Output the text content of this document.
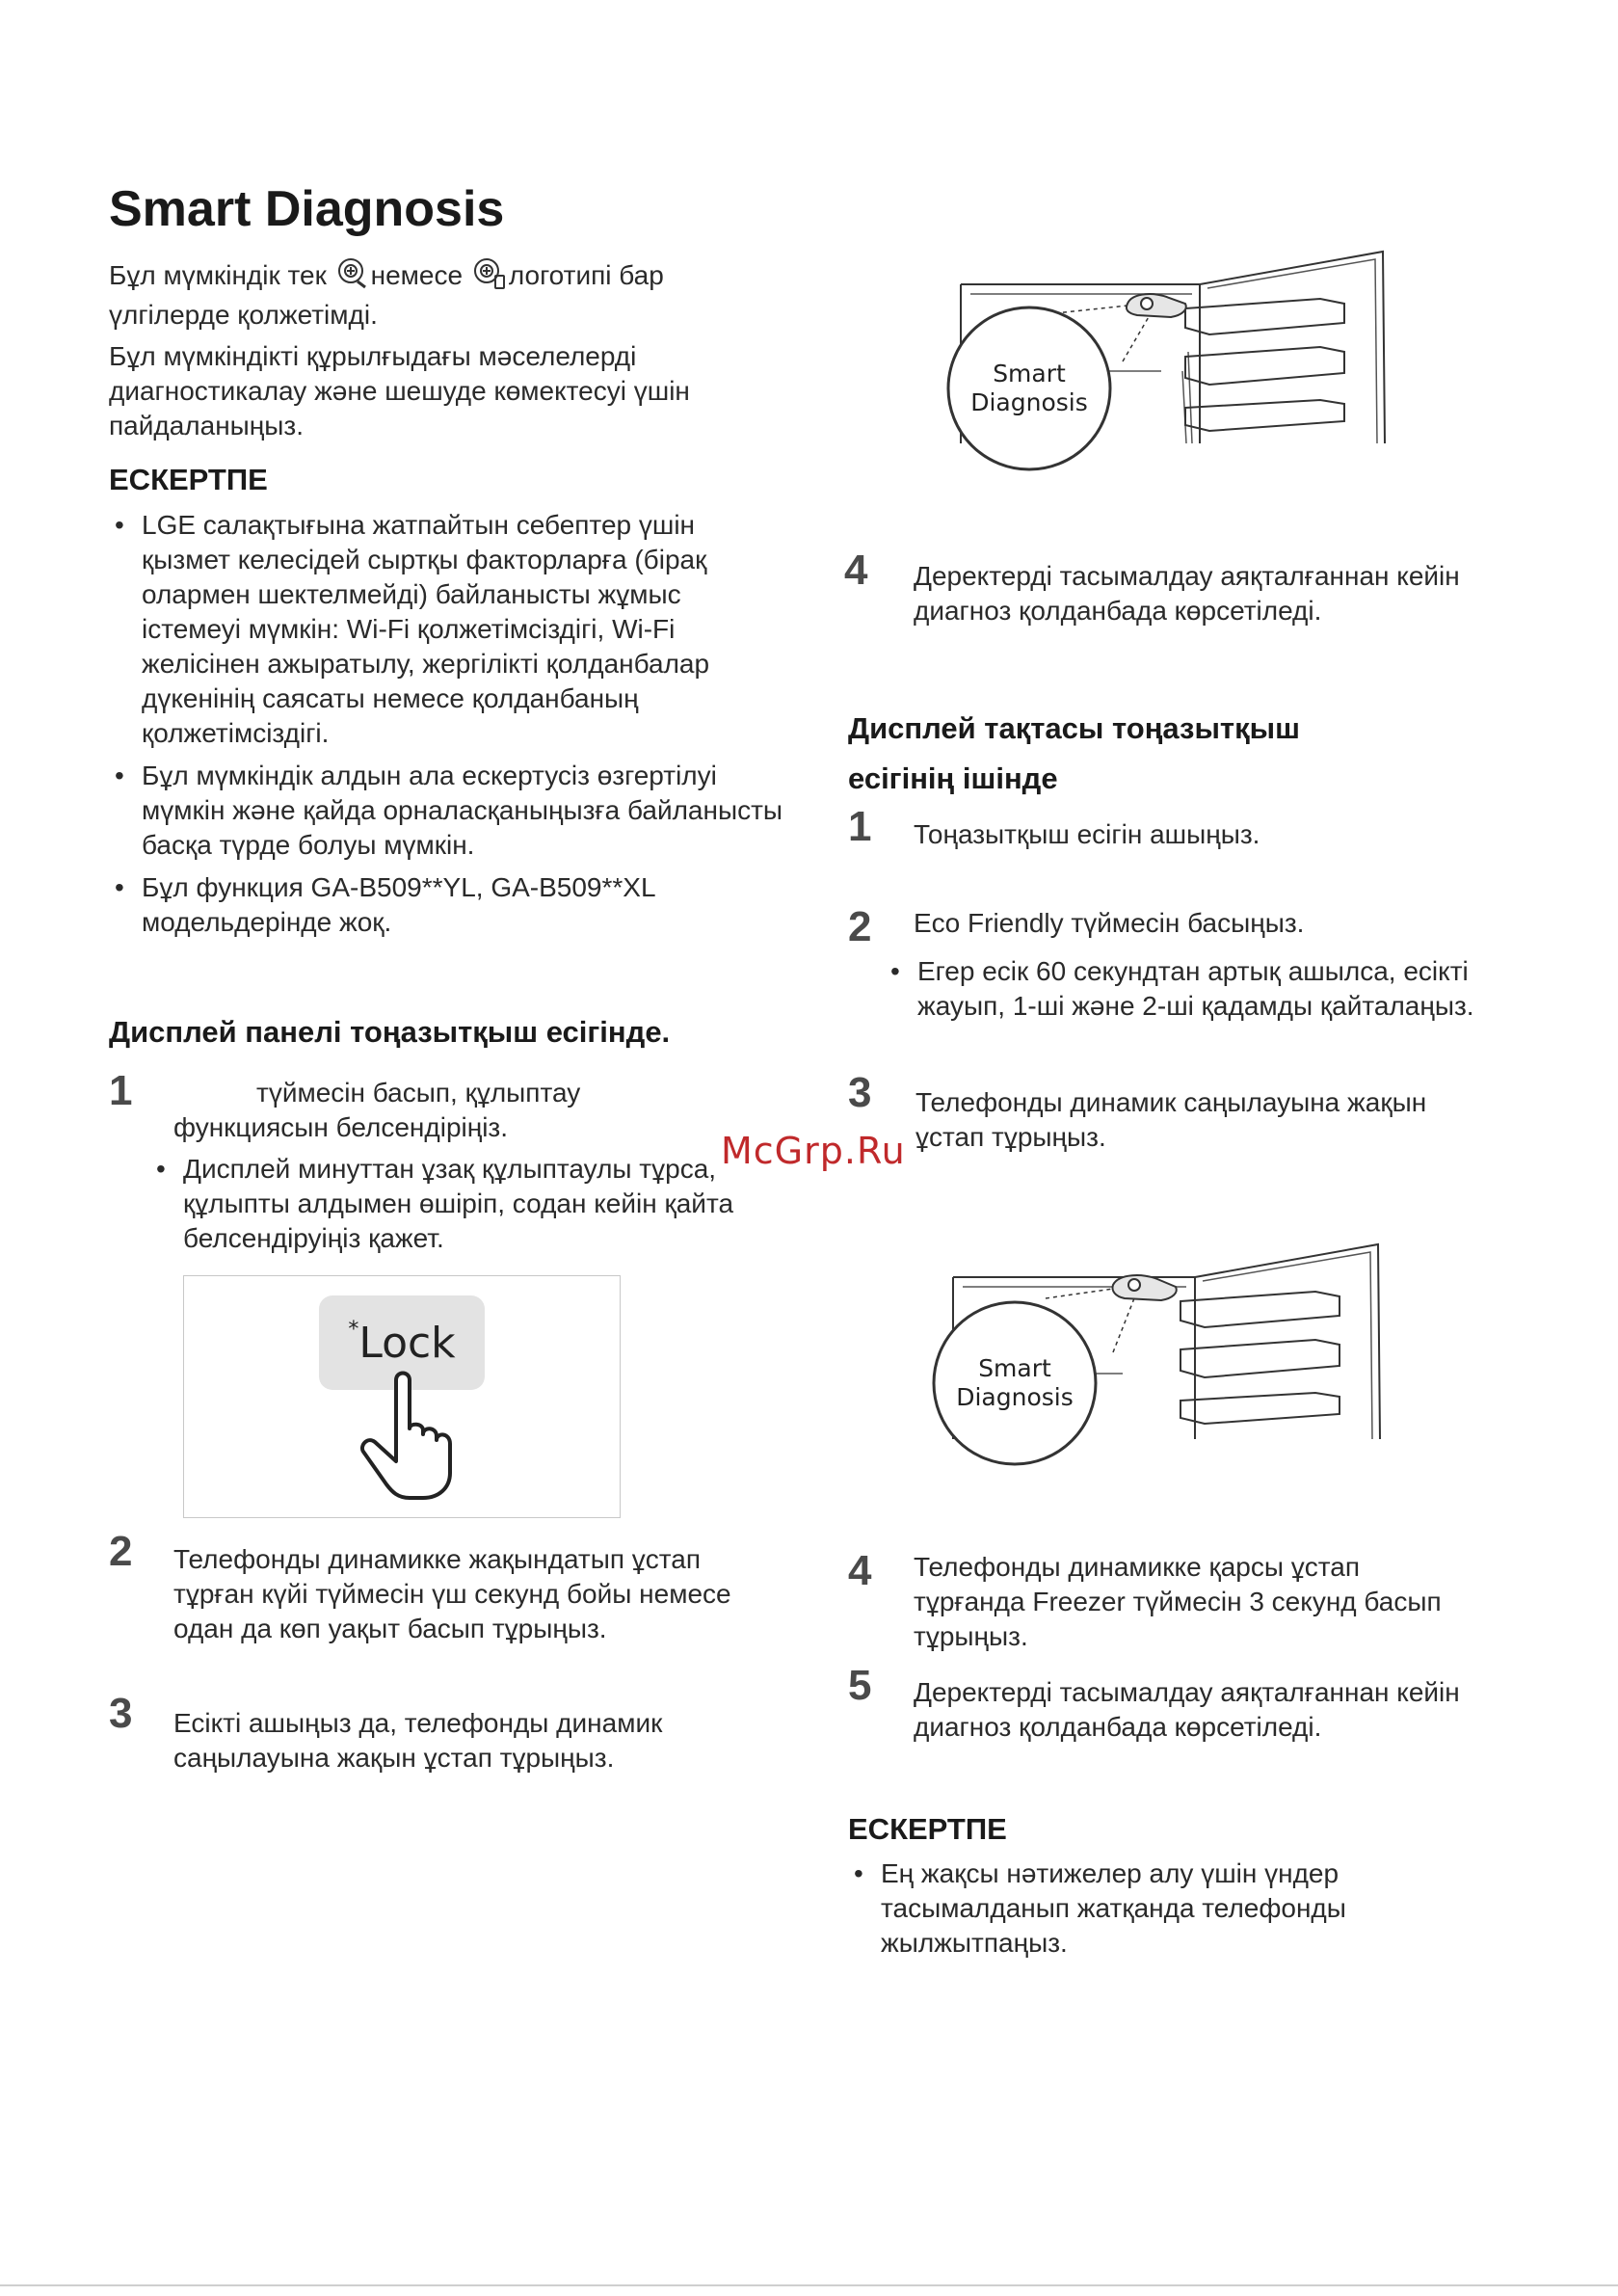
Smart Diagnosis
Бұл мүмкіндік тек немесе логотипі бар үлгілерде қолжетімді.
Бұл мүмкіндікті құрылғыдағы мәселелерді диагностикалау және шешуде көмектесуі үшін пайдаланыңыз.
ЕСКЕРТПЕ
• LGE салақтығына жатпайтын себептер үшін қызмет келесідей сыртқы факторларға (бірақ олармен шектелмейді) байланысты жұмыс істемеуі мүмкін: Wi-Fi қолжетімсіздігі, Wi-Fi желісінен ажыратылу, жергілікті қолданбалар дүкенінің саясаты немесе қолданбаның қолжетімсіздігі.
• Бұл мүмкіндік алдын ала ескертусіз өзгертілуі мүмкін және қайда орналасқаныңызға байланысты басқа түрде болуы мүмкін.
• Бұл функция GA-B509**YL, GA-B509**XL модельдерінде жоқ.
Дисплей панелі тоңазытқыш есігінде.
1	түймесін басып, құлыптау функциясын белсендіріңіз.
• Дисплей минуттан ұзақ құлыптаулы тұрса, құлыпты алдымен өшіріп, содан кейін қайта белсендіруіңіз қажет.
* Lock
2 Телефонды динамикке жақындатып ұстап тұрған күйі түймесін үш секунд бойы немесе одан да көп уақыт басып тұрыңыз.
3 Есікті ашыңыз да, телефонды динамик саңылауына жақын ұстап тұрыңыз.
Smart
Diagnosis
4 Деректерді тасымалдау аяқталғаннан кейін диагноз қолданбада көрсетіледі.
Дисплей тақтасы тоңазытқыш есігінің ішінде
1 Тоңазытқыш есігін ашыңыз.
2 Eco Friendly түймесін басыңыз.
• Егер есік 60 секундтан артық ашылса, есікті жауып, 1-ші және 2-ші қадамды қайталаңыз.
3 Телефонды динамик саңылауына жақын ұстап тұрыңыз.
McGrp.Ru
Smart
Diagnosis
4 Телефонды динамикке қарсы ұстап тұрғанда Freezer түймесін 3 секунд басып тұрыңыз.
5 Деректерді тасымалдау аяқталғаннан кейін диагноз қолданбада көрсетіледі.
ЕСКЕРТПЕ
• Ең жақсы нәтижелер алу үшін үндер тасымалданып жатқанда телефонды жылжытпаңыз.
